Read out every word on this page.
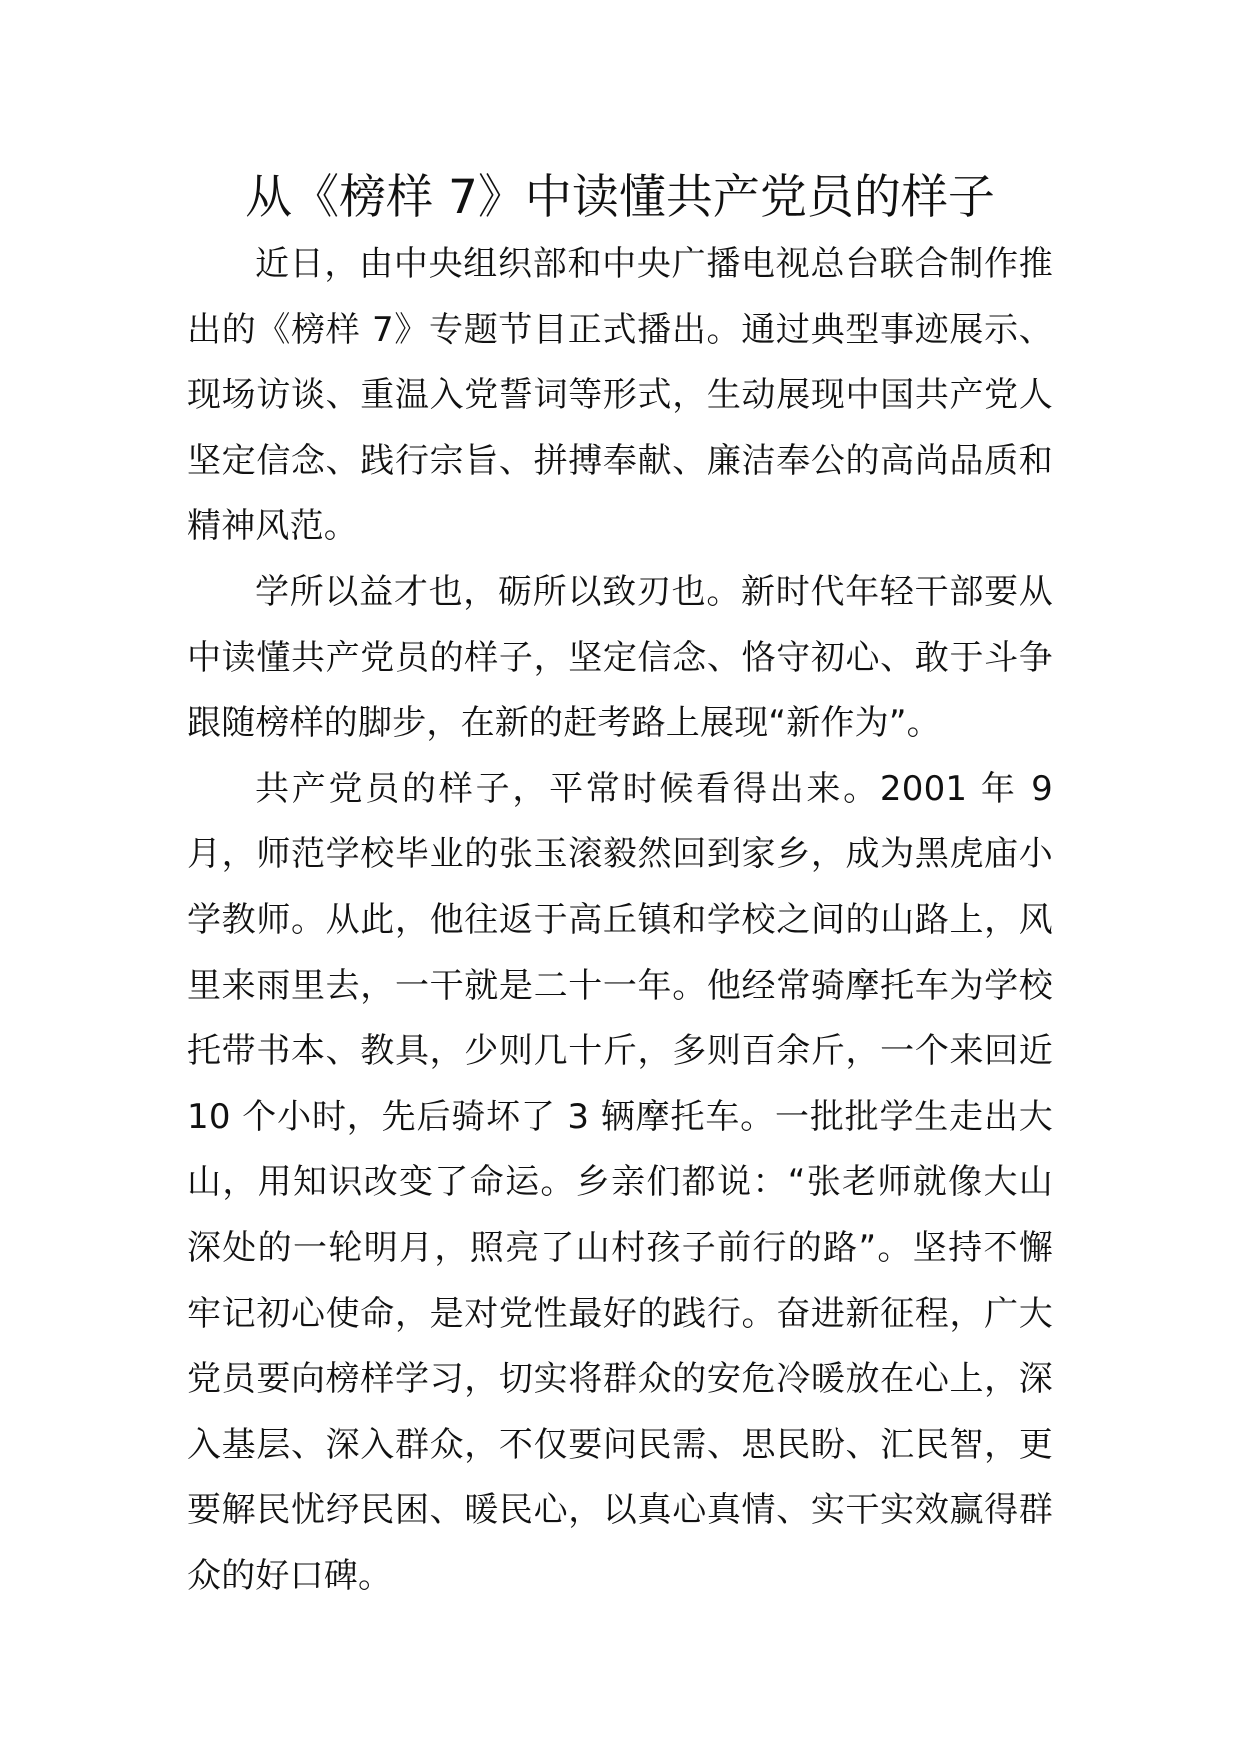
从《榜样 7》中读懂共产党员的样子

近日，由中央组织部和中央广播电视总台联合制作推出的《榜样 7》专题节目正式播出。通过典型事迹展示、现场访谈、重温入党誓词等形式，生动展现中国共产党人坚定信念、践行宗旨、拼搏奉献、廉洁奉公的高尚品质和精神风范。

学所以益才也，砺所以致刃也。新时代年轻干部要从中读懂共产党员的样子，坚定信念、恪守初心、敢于斗争跟随榜样的脚步，在新的赶考路上展现“新作为”。

共产党员的样子，平常时候看得出来。2001 年 9 月，师范学校毕业的张玉滚毅然回到家乡，成为黑虎庙小学教师。从此，他往返于高丘镇和学校之间的山路上，风里来雨里去，一干就是二十一年。他经常骑摩托车为学校托带书本、教具，少则几十斤，多则百余斤，一个来回近 10 个小时，先后骑坏了 3 辆摩托车。一批批学生走出大山，用知识改变了命运。乡亲们都说：“张老师就像大山深处的一轮明月，照亮了山村孩子前行的路”。坚持不懈牢记初心使命，是对党性最好的践行。奋进新征程，广大党员要向榜样学习，切实将群众的安危冷暖放在心上，深入基层、深入群众，不仅要问民需、思民盼、汇民智，更要解民忧纾民困、暖民心，以真心真情、实干实效赢得群众的好口碑。
